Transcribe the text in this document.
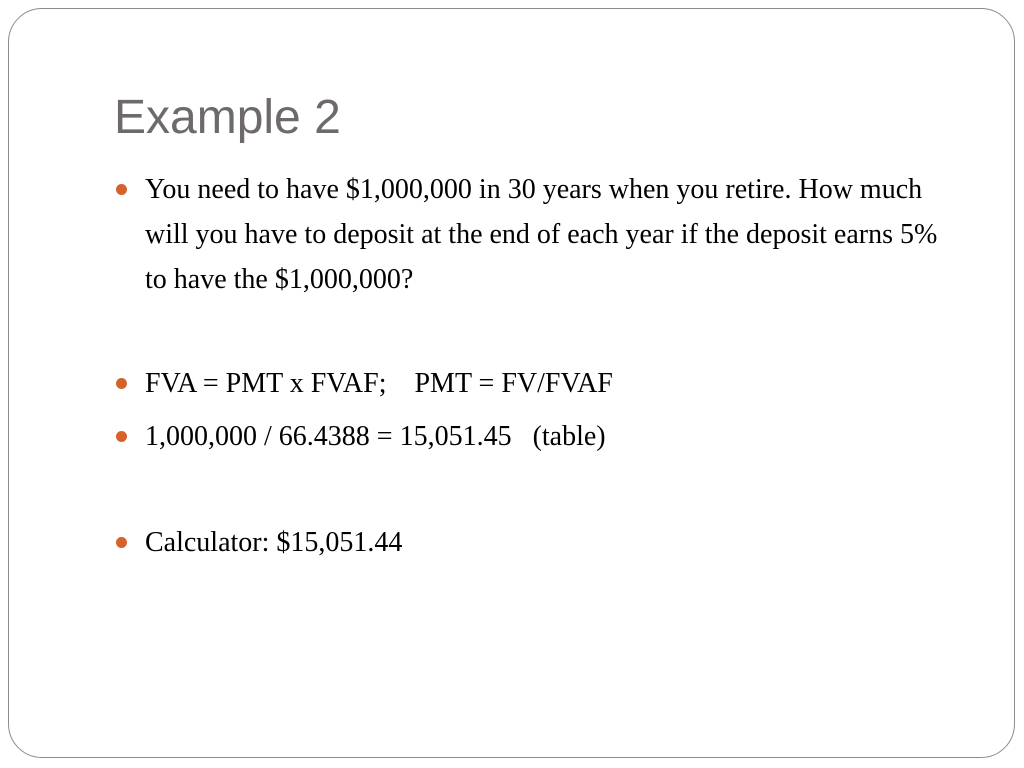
Example 2
You need to have $1,000,000 in 30 years when you retire. How much will you have to deposit at the end of each year if the deposit earns 5% to have the $1,000,000?
FVA = PMT x FVAF;    PMT = FV/FVAF
1,000,000 / 66.4388 = 15,051.45   (table)
Calculator: $15,051.44
